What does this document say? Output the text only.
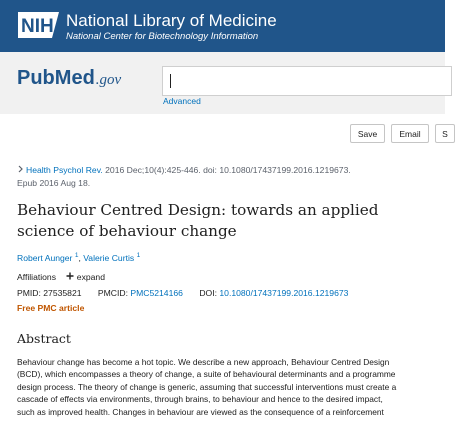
NIH National Library of Medicine
National Center for Biotechnology Information
PubMed.gov
Advanced
Save	Email	S
Health Psychol Rev. 2016 Dec;10(4):425-446. doi: 10.1080/17437199.2016.1219673.
Epub 2016 Aug 18.
Behaviour Centred Design: towards an applied science of behaviour change
Robert Aunger $^1$, Valerie Curtis $^1$
Affiliations expand
PMID: 27535821 PMCID: PMC5214166 DOI: 10.1080/17437199.2016.1219673
Free PMC article
Abstract
Behaviour change has become a hot topic. We describe a new approach, Behaviour Centred Design
(BCD), which encompasses a theory of change, a suite of behavioural determinants and a programme
design process. The theory of change is generic, assuming that successful interventions must create a
cascade of effects via environments, through brains, to behaviour and hence to the desired impact,
such as improved health. Changes in behaviour are viewed as the consequence of a reinforcement
